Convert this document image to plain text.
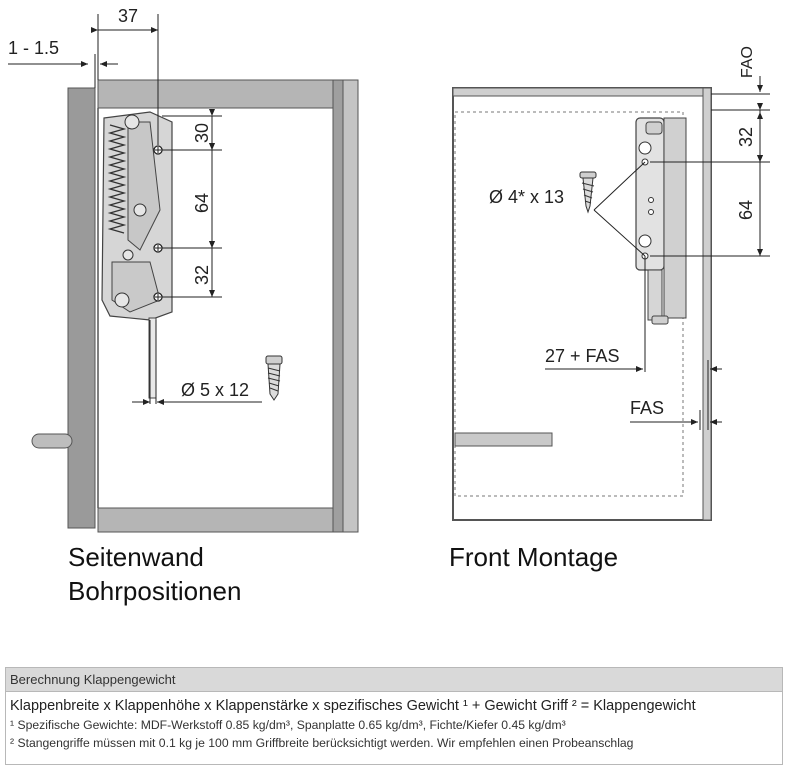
30
64
32
37
1 - 1.5
Ø 5 x 12
FAO
32
64
Ø 4* x 13
27 + FAS
FAS
Seitenwand
Bohrpositionen
Front Montage
Berechnung Klappengewicht
Klappenbreite x Klappenhöhe x Klappenstärke x spezifisches Gewicht ¹ + Gewicht Griff ² = Klappengewicht
¹ Spezifische Gewichte: MDF-Werkstoff 0.85 kg/dm³, Spanplatte 0.65 kg/dm³, Fichte/Kiefer 0.45 kg/dm³
² Stangengriffe müssen mit 0.1 kg je 100 mm Griffbreite berücksichtigt werden. Wir empfehlen einen Probeanschlag
